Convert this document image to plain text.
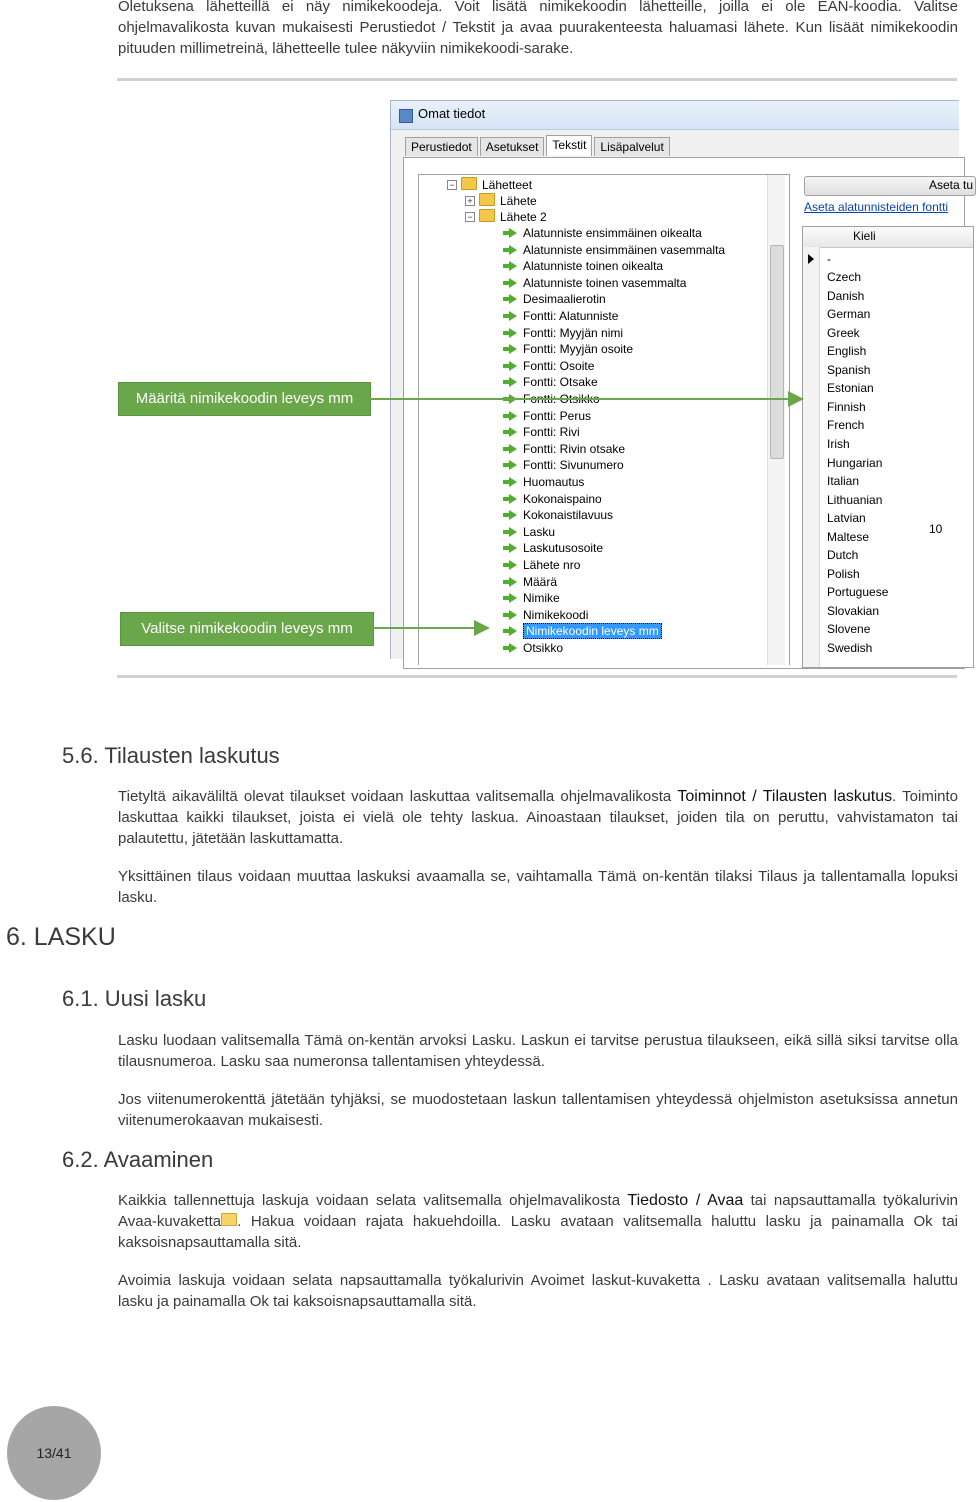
Oletuksena lähetteillä ei näy nimikekoodeja. Voit lisätä nimikekoodin lähetteille, joilla ei ole EAN-koodia. Valitse ohjelmavalikosta kuvan mukaisesti Perustiedot / Tekstit ja avaa puurakenteesta haluamasi lähete. Kun lisäät nimikekoodin pituuden millimetreinä, lähetteelle tulee näkyviin nimikekoodi-sarake.

Omat tiedot
Perustiedot	Asetukset	Tekstit	Lisäpalvelut
− Lähetteet
+ Lähete
− Lähete 2
Alatunniste ensimmäinen oikealta
Alatunniste ensimmäinen vasemmalta
Alatunniste toinen oikealta
Alatunniste toinen vasemmalta
Desimaalierotin
Fontti: Alatunniste
Fontti: Myyjän nimi
Fontti: Myyjän osoite
Fontti: Osoite
Fontti: Otsake
Fontti: Otsikko
Fontti: Perus
Fontti: Rivi
Fontti: Rivin otsake
Fontti: Sivunumero
Huomautus
Kokonaispaino
Kokonaistilavuus
Lasku
Laskutusosoite
Lähete nro
Määrä
Nimike
Nimikekoodi
Nimikekoodin leveys mm
Otsikko
Aseta tu
Aseta alatunnisteiden fontti
Kieli
-
Czech
Danish
German
Greek
English
Spanish
Estonian
Finnish
French
Irish
Hungarian
Italian
Lithuanian
Latvian
Maltese
Dutch
Polish
Portuguese
Slovakian
Slovene
Swedish
10
Määritä nimikekoodin leveys mm
Valitse nimikekoodin leveys mm
5.6. Tilausten laskutus

Tietyltä aikaväliltä olevat tilaukset voidaan laskuttaa valitsemalla ohjelmavalikosta Toiminnot / Tilausten laskutus. Toiminto laskuttaa kaikki tilaukset, joista ei vielä ole tehty laskua. Ainoastaan tilaukset, joiden tila on peruttu, vahvistamaton tai palautettu, jätetään laskuttamatta.

Yksittäinen tilaus voidaan muuttaa laskuksi avaamalla se, vaihtamalla Tämä on-kentän tilaksi Tilaus ja tallentamalla lopuksi lasku.

6. LASKU
6.1. Uusi lasku

Lasku luodaan valitsemalla Tämä on-kentän arvoksi Lasku. Laskun ei tarvitse perustua tilaukseen, eikä sillä siksi tarvitse olla tilausnumeroa. Lasku saa numeronsa tallentamisen yhteydessä.

Jos viitenumerokenttä jätetään tyhjäksi, se muodostetaan laskun tallentamisen yhteydessä ohjelmiston asetuksissa annetun viitenumerokaavan mukaisesti.

6.2. Avaaminen

Kaikkia tallennettuja laskuja voidaan selata valitsemalla ohjelmavalikosta Tiedosto / Avaa tai napsauttamalla työkalurivin Avaa-kuvaketta . Hakua voidaan rajata hakuehdoilla. Lasku avataan valitsemalla haluttu lasku ja painamalla Ok tai kaksoisnapsauttamalla sitä.

Avoimia laskuja voidaan selata napsauttamalla työkalurivin Avoimet laskut-kuvaketta . Lasku avataan valitsemalla haluttu lasku ja painamalla Ok tai kaksoisnapsauttamalla sitä.

13/41
